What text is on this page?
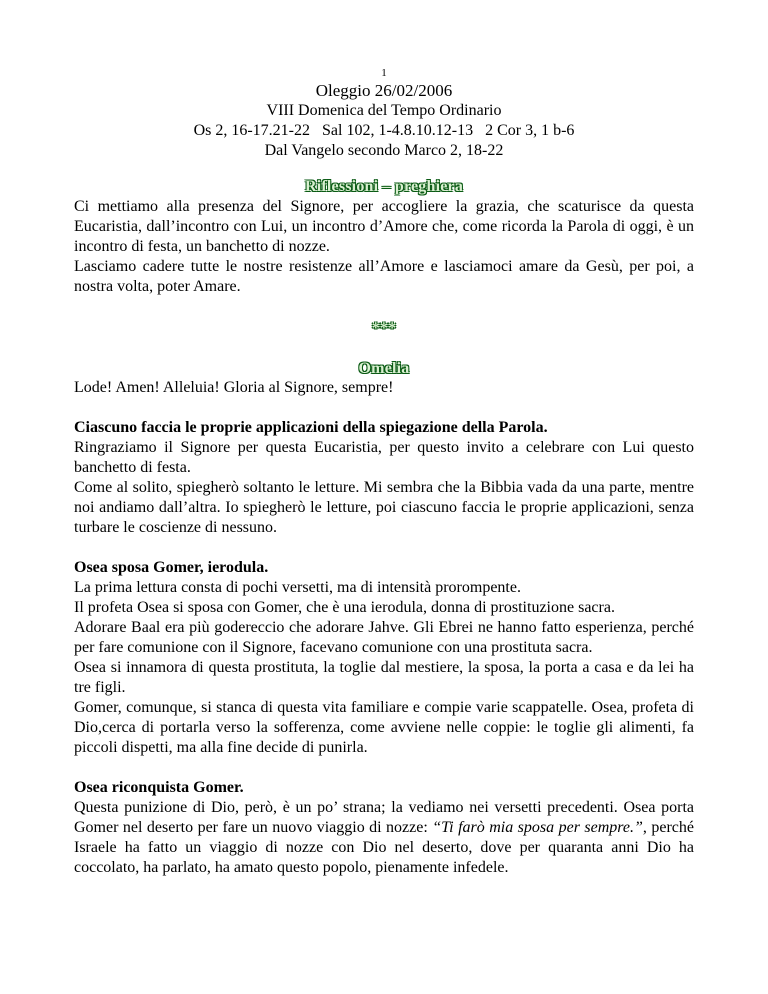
1
Oleggio 26/02/2006
VIII Domenica del Tempo Ordinario
Os 2, 16-17.21-22   Sal 102, 1-4.8.10.12-13   2 Cor 3, 1 b-6
Dal Vangelo secondo Marco 2, 18-22
Riflessioni – preghiera

Ci mettiamo alla presenza del Signore, per accogliere la grazia, che scaturisce da questa Eucaristia, dall’incontro con Lui, un incontro d’Amore che, come ricorda la Parola di oggi, è un incontro di festa, un banchetto di nozze.

Lasciamo cadere tutte le nostre resistenze all’Amore e lasciamoci amare da Gesù, per poi, a nostra volta, poter Amare.

***
Omelia

Lode! Amen! Alleluia! Gloria al Signore, sempre!

Ciascuno faccia le proprie applicazioni della spiegazione della Parola.

Ringraziamo il Signore per questa Eucaristia, per questo invito a celebrare con Lui questo banchetto di festa.

Come al solito, spiegherò soltanto le letture. Mi sembra che la Bibbia vada da una parte, mentre noi andiamo dall’altra. Io spiegherò le letture, poi ciascuno faccia le proprie applicazioni, senza turbare le coscienze di nessuno.

Osea sposa Gomer, ierodula.

La prima lettura consta di pochi versetti, ma di intensità prorompente.

Il profeta Osea si sposa con Gomer, che è una ierodula, donna di prostituzione sacra.

Adorare Baal era più godereccio che adorare Jahve. Gli Ebrei ne hanno fatto esperienza, perché per fare comunione con il Signore, facevano comunione con una prostituta sacra.

Osea si innamora di questa prostituta, la toglie dal mestiere, la sposa, la porta a casa e da lei ha tre figli.

Gomer, comunque, si stanca di questa vita familiare e compie varie scappatelle. Osea, profeta di Dio,cerca di portarla verso la sofferenza, come avviene nelle coppie: le toglie gli alimenti, fa piccoli dispetti, ma alla fine decide di punirla.

Osea riconquista Gomer.

Questa punizione di Dio, però, è un po’ strana; la vediamo nei versetti precedenti. Osea porta Gomer nel deserto per fare un nuovo viaggio di nozze: “Ti farò mia sposa per sempre.”, perché Israele ha fatto un viaggio di nozze con Dio nel deserto, dove per quaranta anni Dio ha coccolato, ha parlato, ha amato questo popolo, pienamente infedele.
